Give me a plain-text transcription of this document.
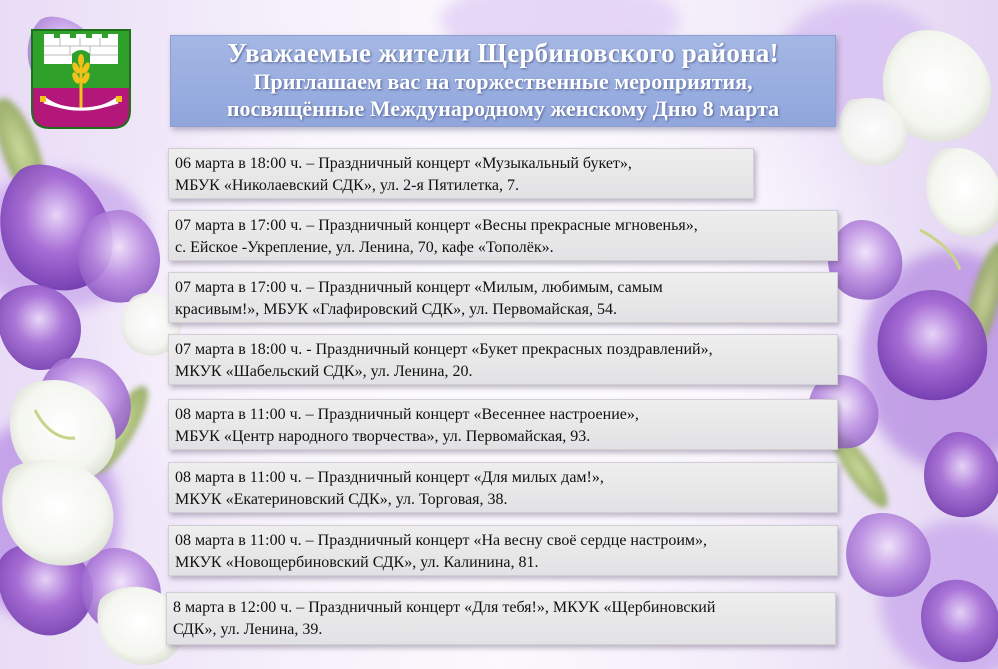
Уважаемые жители Щербиновского района!
Приглашаем вас на торжественные мероприятия,
посвящённые Международному женскому Дню 8 марта
06 марта в 18:00 ч. – Праздничный концерт «Музыкальный букет»,
МБУК «Николаевский СДК», ул. 2-я Пятилетка, 7.
07 марта в 17:00 ч. – Праздничный концерт «Весны прекрасные мгновенья»,
с. Ейское -Укрепление, ул. Ленина, 70, кафе «Тополёк».
07 марта в 17:00 ч. – Праздничный концерт «Милым, любимым, самым
красивым!», МБУК «Глафировский СДК», ул. Первомайская, 54.
07 марта в 18:00 ч. - Праздничный концерт «Букет прекрасных поздравлений»,
МКУК «Шабельский СДК», ул. Ленина, 20.
08 марта в 11:00 ч. – Праздничный концерт «Весеннее настроение»,
МБУК «Центр народного творчества», ул. Первомайская, 93.
08 марта в 11:00 ч. – Праздничный концерт «Для милых дам!»,
МКУК «Екатериновский СДК», ул. Торговая, 38.
08 марта в 11:00 ч. – Праздничный концерт «На весну своё сердце настроим»,
МКУК «Новощербиновский СДК», ул. Калинина, 81.
8 марта в 12:00 ч. – Праздничный концерт «Для тебя!», МКУК «Щербиновский
СДК», ул. Ленина, 39.
